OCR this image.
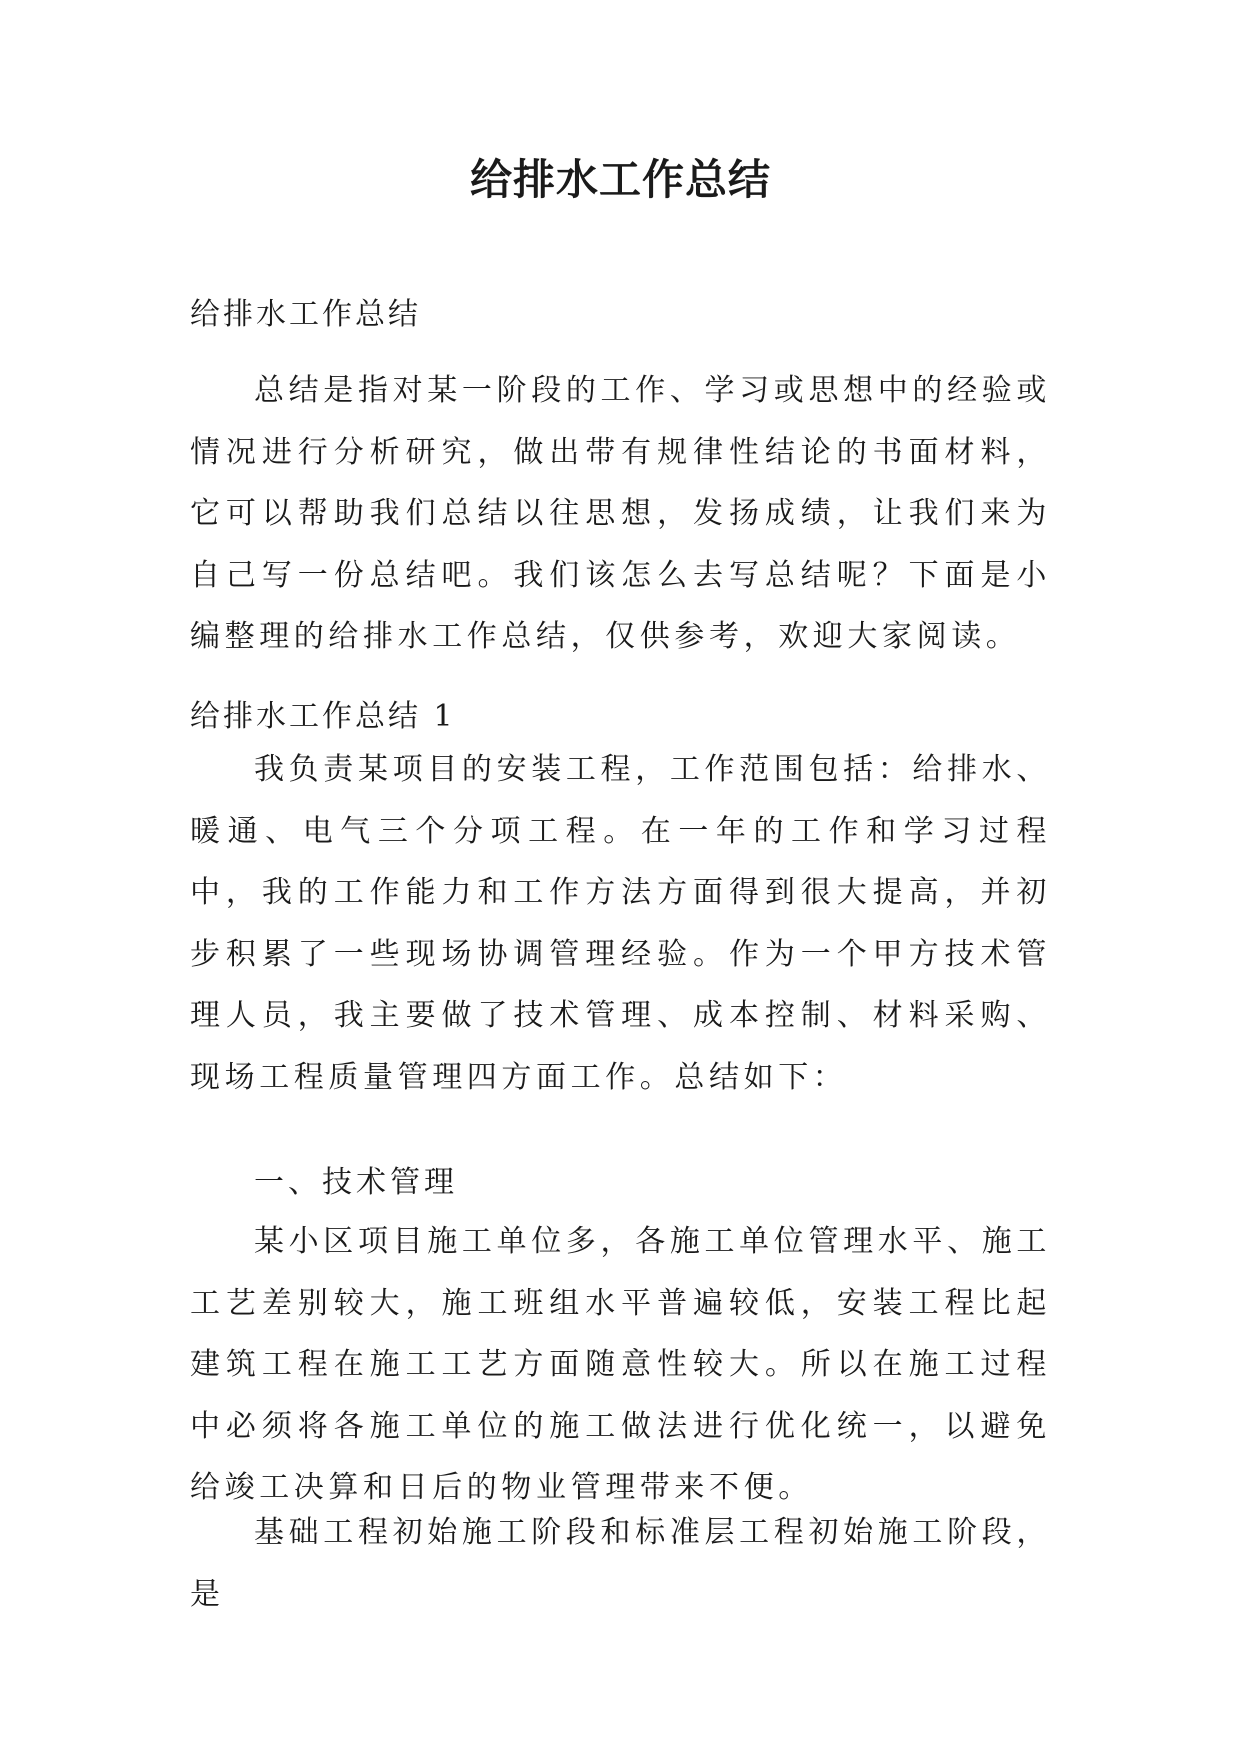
给排水工作总结
给排水工作总结

总结是指对某一阶段的工作、学习或思想中的经验或情况进行分析研究，做出带有规律性结论的书面材料，它可以帮助我们总结以往思想，发扬成绩，让我们来为自己写一份总结吧。我们该怎么去写总结呢？下面是小编整理的给排水工作总结，仅供参考，欢迎大家阅读。

给排水工作总结 1

我负责某项目的安装工程，工作范围包括：给排水、暖通、电气三个分项工程。在一年的工作和学习过程中，我的工作能力和工作方法方面得到很大提高，并初步积累了一些现场协调管理经验。作为一个甲方技术管理人员，我主要做了技术管理、成本控制、材料采购、现场工程质量管理四方面工作。总结如下：

一、技术管理

某小区项目施工单位多，各施工单位管理水平、施工工艺差别较大，施工班组水平普遍较低，安装工程比起建筑工程在施工工艺方面随意性较大。所以在施工过程中必须将各施工单位的施工做法进行优化统一，以避免给竣工决算和日后的物业管理带来不便。

基础工程初始施工阶段和标准层工程初始施工阶段，是
